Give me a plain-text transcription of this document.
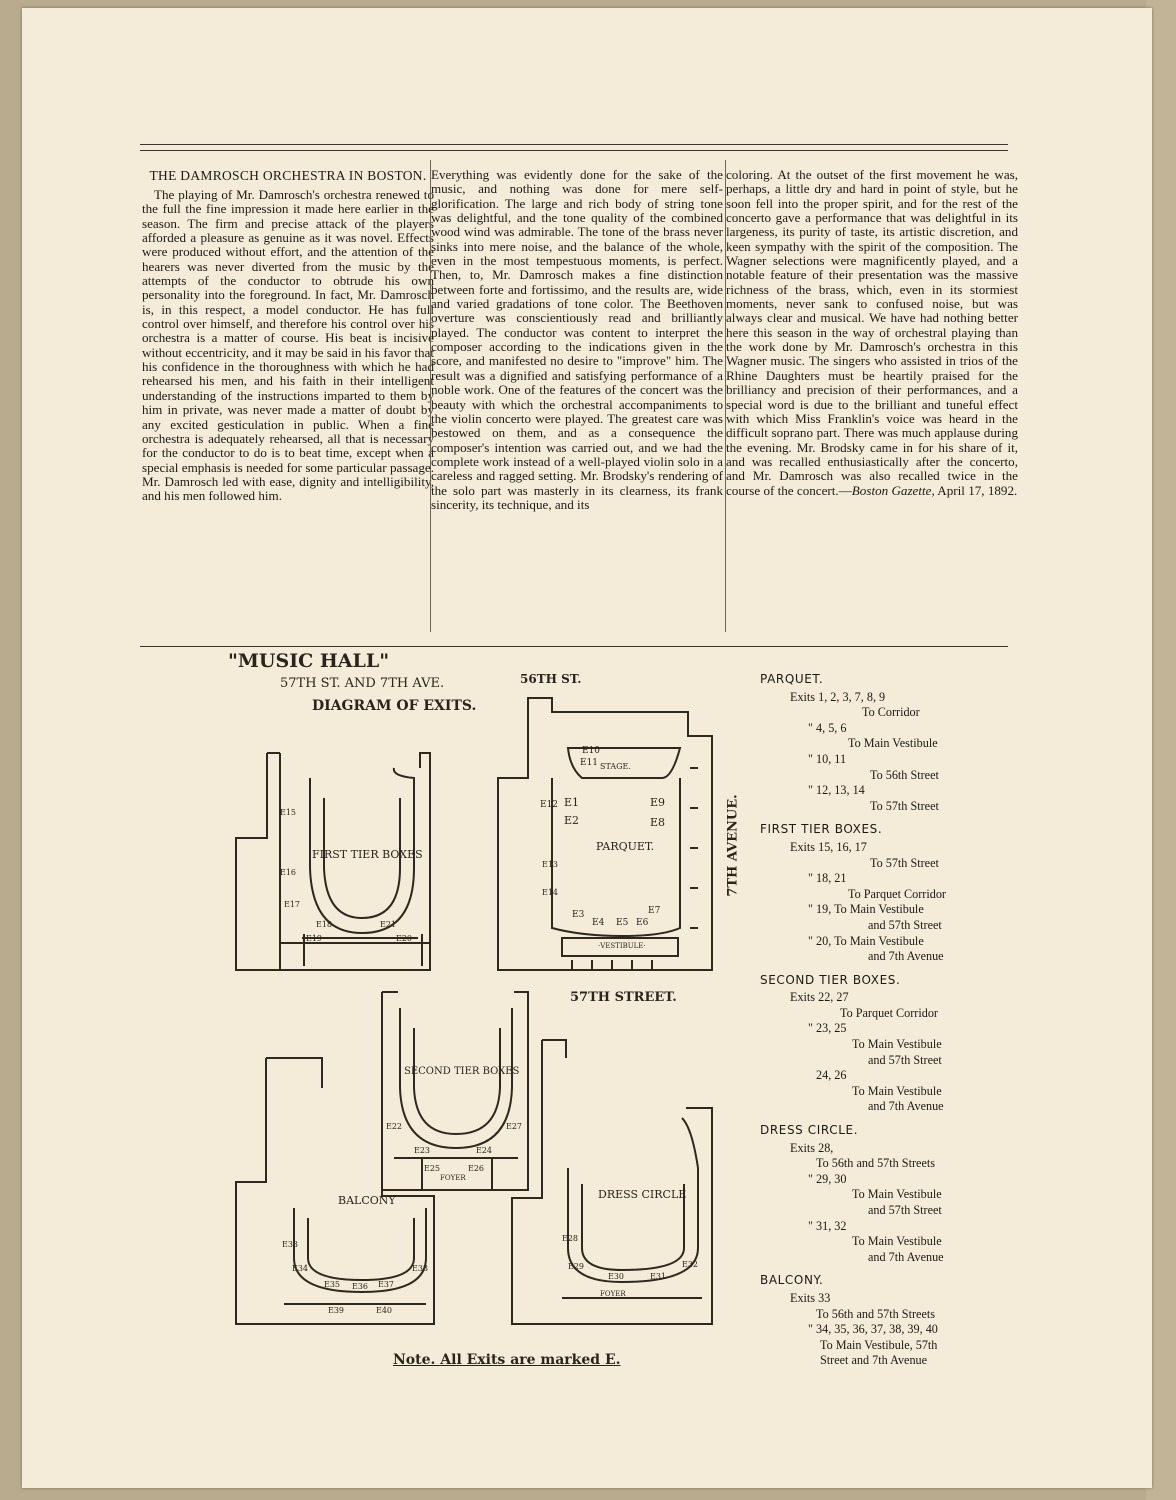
THE DAMROSCH ORCHESTRA IN BOSTON.

The playing of Mr. Damrosch's orchestra renewed to the full the fine impression it made here earlier in the season. The firm and precise attack of the players afforded a pleasure as genuine as it was novel. Effects were produced without effort, and the attention of the hearers was never diverted from the music by the attempts of the conductor to obtrude his own personality into the foreground. In fact, Mr. Damrosch is, in this respect, a model conductor. He has full control over himself, and therefore his control over his orchestra is a matter of course. His beat is incisive without eccentricity, and it may be said in his favor that his confidence in the thoroughness with which he had rehearsed his men, and his faith in their intelligent understanding of the instructions imparted to them by him in private, was never made a matter of doubt by any excited gesticulation in public. When a fine orchestra is adequately rehearsed, all that is necessary for the conductor to do is to beat time, except when a special emphasis is needed for some particular passage. Mr. Damrosch led with ease, dignity and intelligibility, and his men followed him.

Everything was evidently done for the sake of the music, and nothing was done for mere self-glorification. The large and rich body of string tone was delightful, and the tone quality of the combined wood wind was admirable. The tone of the brass never sinks into mere noise, and the balance of the whole, even in the most tempestuous moments, is perfect. Then, to, Mr. Damrosch makes a fine distinction between forte and fortissimo, and the results are, wide and varied gradations of tone color. The Beethoven overture was conscientiously read and brilliantly played. The conductor was content to interpret the composer according to the indications given in the score, and manifested no desire to "improve" him. The result was a dignified and satisfying performance of a noble work. One of the features of the concert was the beauty with which the orchestral accompaniments to the violin concerto were played. The greatest care was bestowed on them, and as a consequence the composer's intention was carried out, and we had the complete work instead of a well-played violin solo in a careless and ragged setting. Mr. Brodsky's rendering of the solo part was masterly in its clearness, its frank sincerity, its technique, and its

coloring. At the outset of the first movement he was, perhaps, a little dry and hard in point of style, but he soon fell into the proper spirit, and for the rest of the concerto gave a performance that was delightful in its largeness, its purity of taste, its artistic discretion, and keen sympathy with the spirit of the composition. The Wagner selections were magnificently played, and a notable feature of their presentation was the massive richness of the brass, which, even in its stormiest moments, never sank to confused noise, but was always clear and musical. We have had nothing better here this season in the way of orchestral playing than the work done by Mr. Damrosch's orchestra in this Wagner music. The singers who assisted in trios of the Rhine Daughters must be heartily praised for the brilliancy and precision of their performances, and a special word is due to the brilliant and tuneful effect with which Miss Franklin's voice was heard in the difficult soprano part. There was much applause during the evening. Mr. Brodsky came in for his share of it, and was recalled enthusiastically after the concerto, and Mr. Damrosch was also recalled twice in the course of the concert.—Boston Gazette, April 17, 1892.

"MUSIC HALL"
57TH ST. AND 7TH AVE.
DIAGRAM OF EXITS.
56TH ST.
57TH STREET.
7TH AVENUE.
FIRST TIER BOXES
PARQUET.
STAGE.
·VESTIBULE·
SECOND TIER BOXES
BALCONY	DRESS CIRCLE
FOYER
FOYER
E1
E2
E3
E4 E5 E6
E7
E8
E9
E10
E11
E12
E13
E14
E15
E16
E17
E18
E19	E20
E21
E22
E23	E24
E25	E26
E27
E28
E29
E30	E31
E32
E33
E34
E35 E36 E37
E38
E39	E40
Note. All Exits are marked E.
PARQUET.
Exits 1, 2, 3, 7, 8, 9
To Corridor
" 4, 5, 6
To Main Vestibule
" 10, 11
To 56th Street
" 12, 13, 14
To 57th Street
FIRST TIER BOXES.
Exits 15, 16, 17
To 57th Street
" 18, 21
To Parquet Corridor
" 19, To Main Vestibule
and 57th Street
" 20, To Main Vestibule
and 7th Avenue
SECOND TIER BOXES.
Exits 22, 27
To Parquet Corridor
" 23, 25
To Main Vestibule
and 57th Street
24, 26
To Main Vestibule
and 7th Avenue
DRESS CIRCLE.
Exits 28,
To 56th and 57th Streets
" 29, 30
To Main Vestibule
and 57th Street
" 31, 32
To Main Vestibule
and 7th Avenue
BALCONY.
Exits 33
To 56th and 57th Streets
" 34, 35, 36, 37, 38, 39, 40
To Main Vestibule, 57th
Street and 7th Avenue
